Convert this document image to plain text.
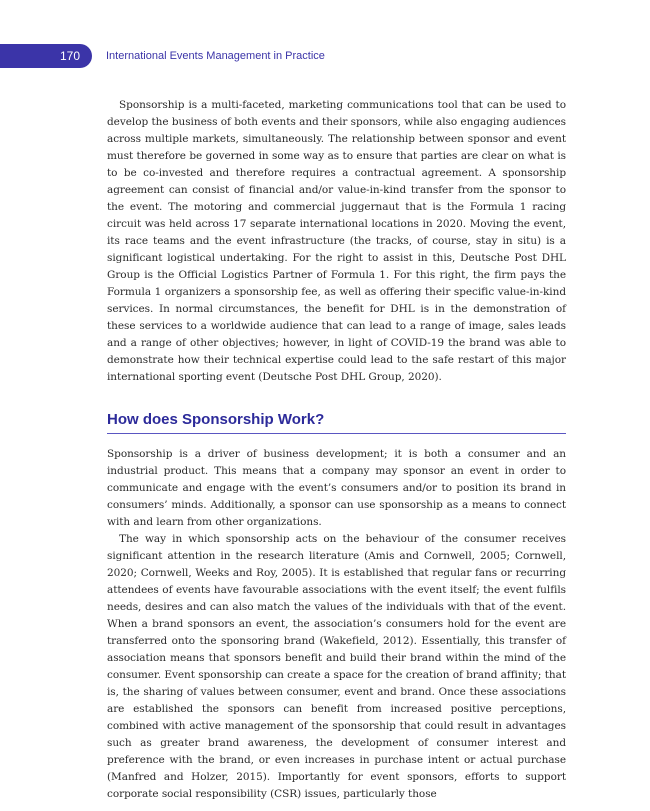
170 International Events Management in Practice

Sponsorship is a multi-faceted, marketing communications tool that can be used to develop the business of both events and their sponsors, while also engaging audiences across multiple markets, simultaneously. The relationship between sponsor and event must therefore be governed in some way as to ensure that parties are clear on what is to be co-invested and therefore requires a contractual agreement. A sponsorship agreement can consist of financial and/or value-in-kind transfer from the sponsor to the event. The motoring and commercial juggernaut that is the Formula 1 racing circuit was held across 17 separate international locations in 2020. Moving the event, its race teams and the event infrastructure (the tracks, of course, stay in situ) is a significant logistical undertaking. For the right to assist in this, Deutsche Post DHL Group is the Official Logistics Partner of Formula 1. For this right, the firm pays the Formula 1 organizers a sponsorship fee, as well as offering their specific value-in-kind services. In normal circumstances, the benefit for DHL is in the demonstration of these services to a worldwide audience that can lead to a range of image, sales leads and a range of other objectives; however, in light of COVID-19 the brand was able to demonstrate how their technical expertise could lead to the safe restart of this major international sporting event (Deutsche Post DHL Group, 2020).

How does Sponsorship Work?

Sponsorship is a driver of business development; it is both a consumer and an industrial product. This means that a company may sponsor an event in order to communicate and engage with the event’s consumers and/or to position its brand in consumers’ minds. Additionally, a sponsor can use sponsorship as a means to connect with and learn from other organizations.

The way in which sponsorship acts on the behaviour of the consumer receives significant attention in the research literature (Amis and Cornwell, 2005; Cornwell, 2020; Cornwell, Weeks and Roy, 2005). It is established that regular fans or recurring attendees of events have favourable associations with the event itself; the event fulfils needs, desires and can also match the values of the individuals with that of the event. When a brand sponsors an event, the association’s consumers hold for the event are transferred onto the sponsoring brand (Wakefield, 2012). Essentially, this transfer of association means that sponsors benefit and build their brand within the mind of the consumer. Event sponsorship can create a space for the creation of brand affinity; that is, the sharing of values between consumer, event and brand. Once these associations are established the sponsors can benefit from increased positive perceptions, combined with active management of the sponsorship that could result in advantages such as greater brand awareness, the development of consumer interest and preference with the brand, or even increases in purchase intent or actual purchase (Manfred and Holzer, 2015). Importantly for event sponsors, efforts to support corporate social responsibility (CSR) issues, particularly those
